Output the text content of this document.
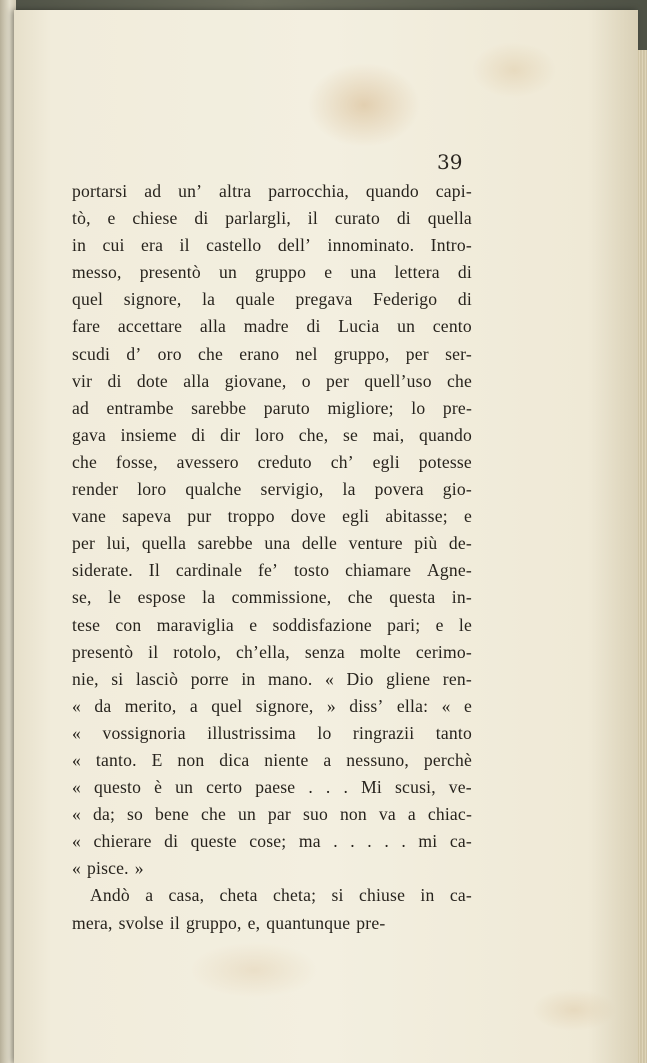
39

portarsi ad un’ altra parrocchia, quando capi-
tò, e chiese di parlargli, il curato di quella
in cui era il castello dell’ innominato. Intro-
messo, presentò un gruppo e una lettera di
quel signore, la quale pregava Federigo di
fare accettare alla madre di Lucia un cento
scudi d’ oro che erano nel gruppo, per ser-
vir di dote alla giovane, o per quell’uso che
ad entrambe sarebbe paruto migliore; lo pre-
gava insieme di dir loro che, se mai, quando
che fosse, avessero creduto ch’ egli potesse
render loro qualche servigio, la povera gio-
vane sapeva pur troppo dove egli abitasse; e
per lui, quella sarebbe una delle venture più de-
siderate. Il cardinale fe’ tosto chiamare Agne-
se, le espose la commissione, che questa in-
tese con maraviglia e soddisfazione pari; e le
presentò il rotolo, ch’ella, senza molte cerimo-
nie, si lasciò porre in mano. « Dio gliene ren-
« da merito, a quel signore, » diss’ ella: « e
« vossignoria illustrissima lo ringrazii tanto
« tanto. E non dica niente a nessuno, perchè
« questo è un certo paese . . . Mi scusi, ve-
« da; so bene che un par suo non va a chiac-
« chierare di queste cose; ma . . . . . mi ca-
« pisce. »
Andò a casa, cheta cheta; si chiuse in ca-
mera, svolse il gruppo, e, quantunque pre-
